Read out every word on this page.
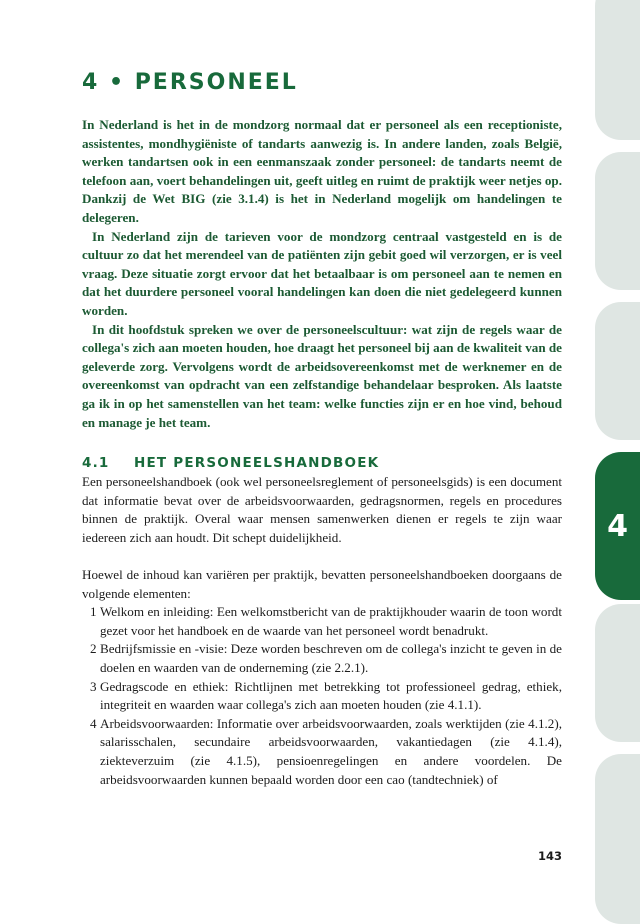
4
4 • PERSONEEL

In Nederland is het in de mondzorg normaal dat er personeel als een receptioniste, assistentes, mondhygiëniste of tandarts aanwezig is. In andere landen, zoals België, werken tandartsen ook in een eenmanszaak zonder personeel: de tandarts neemt de telefoon aan, voert behandelingen uit, geeft uitleg en ruimt de praktijk weer netjes op. Dankzij de Wet BIG (zie 3.1.4) is het in Nederland mogelijk om handelingen te delegeren.

In Nederland zijn de tarieven voor de mondzorg centraal vastgesteld en is de cultuur zo dat het merendeel van de patiënten zijn gebit goed wil verzorgen, er is veel vraag. Deze situatie zorgt ervoor dat het betaalbaar is om personeel aan te nemen en dat het duurdere personeel vooral handelingen kan doen die niet gedelegeerd kunnen worden.

In dit hoofdstuk spreken we over de personeelscultuur: wat zijn de regels waar de collega's zich aan moeten houden, hoe draagt het personeel bij aan de kwaliteit van de geleverde zorg. Vervolgens wordt de arbeidsovereenkomst met de werknemer en de overeenkomst van opdracht van een zelfstandige behandelaar besproken. Als laatste ga ik in op het samenstellen van het team: welke functies zijn er en hoe vind, behoud en manage je het team.

4.1 HET PERSONEELSHANDBOEK

Een personeelshandboek (ook wel personeelsreglement of personeelsgids) is een document dat informatie bevat over de arbeidsvoorwaarden, gedragsnormen, regels en procedures binnen de praktijk. Overal waar mensen samenwerken dienen er regels te zijn waar iedereen zich aan houdt. Dit schept duidelijkheid.

Hoewel de inhoud kan variëren per praktijk, bevatten personeelshandboeken doorgaans de volgende elementen:

1 Welkom en inleiding: Een welkomstbericht van de praktijkhouder waarin de toon wordt gezet voor het handboek en de waarde van het personeel wordt benadrukt.
2 Bedrijfsmissie en -visie: Deze worden beschreven om de collega's inzicht te geven in de doelen en waarden van de onderneming (zie 2.2.1).
3 Gedragscode en ethiek: Richtlijnen met betrekking tot professioneel gedrag, ethiek, integriteit en waarden waar collega's zich aan moeten houden (zie 4.1.1).
4 Arbeidsvoorwaarden: Informatie over arbeidsvoorwaarden, zoals werktijden (zie 4.1.2), salarisschalen, secundaire arbeidsvoorwaarden, vakantiedagen (zie 4.1.4), ziekteverzuim (zie 4.1.5), pensioenregelingen en andere voordelen. De arbeidsvoorwaarden kunnen bepaald worden door een cao (tandtechniek) of
143
